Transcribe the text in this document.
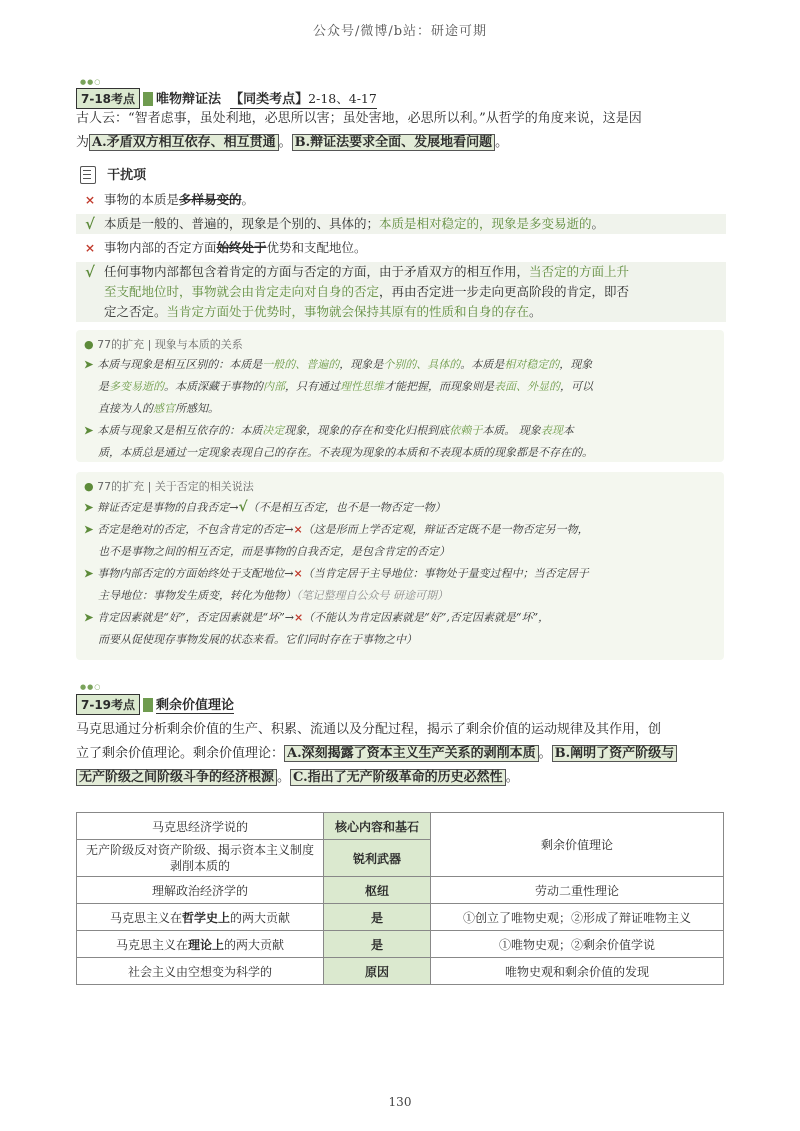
公众号/微博/b站：研途可期
●●○
7-18考点 唯物辩证法 【同类考点】2-18、4-17
古人云：“智者虑事，虽处利地，必思所以害；虽处害地，必思所以利。”从哲学的角度来说，这是因
为 A.矛盾双方相互依存、相互贯通 。 B.辩证法要求全面、发展地看问题 。
干扰项
× 事物的本质是多样易变的。
√ 本质是一般的、普遍的，现象是个别的、具体的；本质是相对稳定的，现象是多变易逝的。
× 事物内部的否定方面始终处于优势和支配地位。
√ 任何事物内部都包含着肯定的方面与否定的方面，由于矛盾双方的相互作用，当否定的方面上升
至支配地位时，事物就会由肯定走向对自身的否定，再由否定进一步走向更高阶段的肯定，即否
定之否定。当肯定方面处于优势时，事物就会保持其原有的性质和自身的存在。
● 77的扩充 | 现象与本质的关系
➤ 本质与现象是相互区别的：本质是一般的、普遍的，现象是个别的、具体的。本质是相对稳定的，现象
是多变易逝的。本质深藏于事物的内部，只有通过理性思维才能把握，而现象则是表面、外显的，可以
直接为人的感官所感知。
➤ 本质与现象又是相互依存的：本质决定现象，现象的存在和变化归根到底依赖于本质。 现象表现本
质，本质总是通过一定现象表现自己的存在。不表现为现象的本质和不表现本质的现象都是不存在的。
● 77的扩充 | 关于否定的相关说法
➤ 辩证否定是事物的自我否定→√（不是相互否定，也不是一物否定一物）
➤ 否定是绝对的否定，不包含肯定的否定→×（这是形而上学否定观，辩证否定既不是一物否定另一物，
也不是事物之间的相互否定，而是事物的自我否定，是包含肯定的否定）
➤ 事物内部否定的方面始终处于支配地位→×（当肯定居于主导地位：事物处于量变过程中；当否定居于
主导地位：事物发生质变，转化为他物）（笔记整理自公众号 研途可期）
➤ 肯定因素就是“好”，否定因素就是“坏”→×（不能认为肯定因素就是“好”,否定因素就是“坏”，
而要从促使现存事物发展的状态来看。它们同时存在于事物之中）
●●○
7-19考点 剩余价值理论
马克思通过分析剩余价值的生产、积累、流通以及分配过程，揭示了剩余价值的运动规律及其作用，创
立了剩余价值理论。剩余价值理论： A.深刻揭露了资本主义生产关系的剥削本质 。 B.阐明了资产阶级与
无产阶级之间阶级斗争的经济根源 。 C.指出了无产阶级革命的历史必然性 。
马克思经济学说的	核心内容和基石	剩余价值理论
无产阶级反对资产阶级、揭示资本主义制度剥削本质的	锐利武器	
理解政治经济学的	枢纽	劳动二重性理论
马克思主义在哲学史上的两大贡献	是	①创立了唯物史观；②形成了辩证唯物主义
马克思主义在理论上的两大贡献	是	①唯物史观；②剩余价值学说
社会主义由空想变为科学的	原因	唯物史观和剩余价值的发现
130
